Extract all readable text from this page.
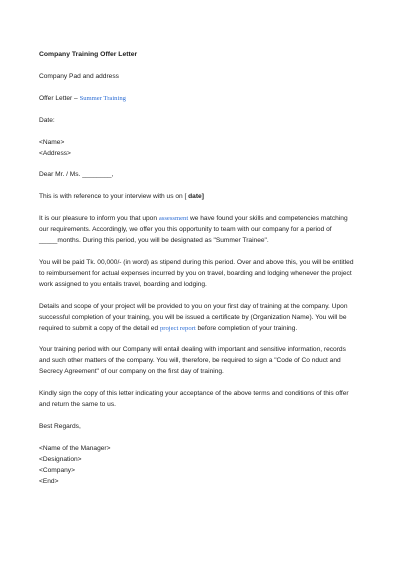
Company Training Offer Letter

Company Pad and address

Offer Letter – Summer Training

Date:

<Name>
<Address>

Dear Mr. / Ms. ________,

This is with reference to your interview with us on [ date]

It is our pleasure to inform you that upon assessment we have found your skills and competencies matching
our requirements. Accordingly, we offer you this opportunity to team with our company for a period of
_____months. During this period, you will be designated as "Summer Trainee".

You will be paid Tk. 00,000/- (in word) as stipend during this period. Over and above this, you will be entitled
to reimbursement for actual expenses incurred by you on travel, boarding and lodging whenever the project
work assigned to you entails travel, boarding and lodging.

Details and scope of your project will be provided to you on your first day of training at the company. Upon
successful completion of your training, you will be issued a certificate by (Organization Name). You will be
required to submit a copy of the detail ed project report before completion of your training.

Your training period with our Company will entail dealing with important and sensitive information, records
and such other matters of the company. You will, therefore, be required to sign a "Code of Co nduct and
Secrecy Agreement" of our company on the first day of training.

Kindly sign the copy of this letter indicating your acceptance of the above terms and conditions of this offer
and return the same to us.

Best Regards,

<Name of the Manager>
<Designation>
<Company>
<End>
